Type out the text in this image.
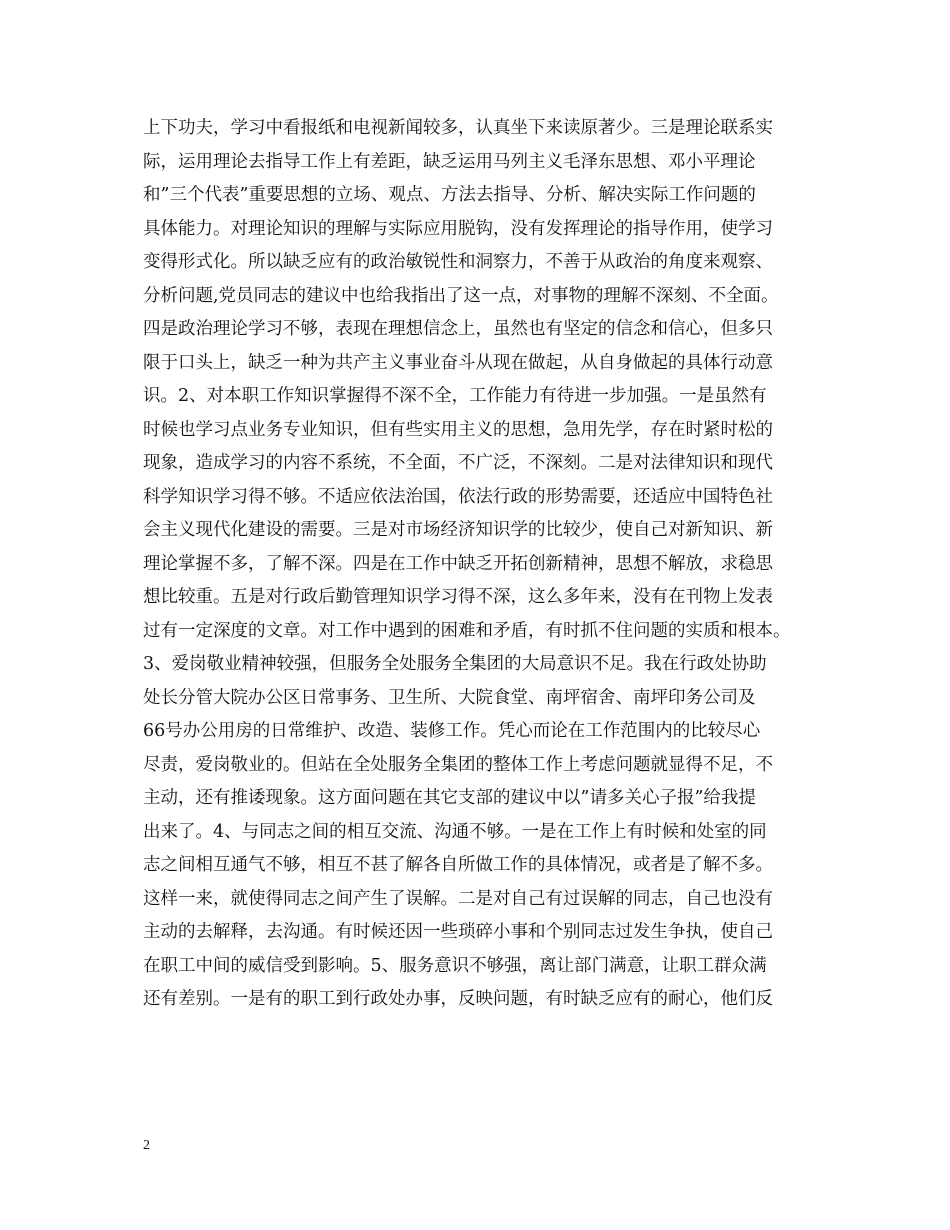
上下功夫，学习中看报纸和电视新闻较多，认真坐下来读原著少。三是理论联系实
际，运用理论去指导工作上有差距，缺乏运用马列主义毛泽东思想、邓小平理论
和”三个代表”重要思想的立场、观点、方法去指导、分析、解决实际工作问题的
具体能力。对理论知识的理解与实际应用脱钩，没有发挥理论的指导作用，使学习
变得形式化。所以缺乏应有的政治敏锐性和洞察力，不善于从政治的角度来观察、
分析问题,党员同志的建议中也给我指出了这一点，对事物的理解不深刻、不全面。
四是政治理论学习不够，表现在理想信念上，虽然也有坚定的信念和信心，但多只
限于口头上，缺乏一种为共产主义事业奋斗从现在做起，从自身做起的具体行动意
识。2、对本职工作知识掌握得不深不全，工作能力有待进一步加强。一是虽然有
时候也学习点业务专业知识，但有些实用主义的思想，急用先学，存在时紧时松的
现象，造成学习的内容不系统，不全面，不广泛，不深刻。二是对法律知识和现代
科学知识学习得不够。不适应依法治国，依法行政的形势需要，还适应中国特色社
会主义现代化建设的需要。三是对市场经济知识学的比较少，使自己对新知识、新
理论掌握不多，了解不深。四是在工作中缺乏开拓创新精神，思想不解放，求稳思
想比较重。五是对行政后勤管理知识学习得不深，这么多年来，没有在刊物上发表
过有一定深度的文章。对工作中遇到的困难和矛盾，有时抓不住问题的实质和根本。
3、爱岗敬业精神较强，但服务全处服务全集团的大局意识不足。我在行政处协助
处长分管大院办公区日常事务、卫生所、大院食堂、南坪宿舍、南坪印务公司及
66号办公用房的日常维护、改造、装修工作。凭心而论在工作范围内的比较尽心
尽责，爱岗敬业的。但站在全处服务全集团的整体工作上考虑问题就显得不足，不
主动，还有推诿现象。这方面问题在其它支部的建议中以”请多关心子报”给我提
出来了。4、与同志之间的相互交流、沟通不够。一是在工作上有时候和处室的同
志之间相互通气不够，相互不甚了解各自所做工作的具体情况，或者是了解不多。
这样一来，就使得同志之间产生了误解。二是对自己有过误解的同志，自己也没有
主动的去解释，去沟通。有时候还因一些琐碎小事和个别同志过发生争执，使自己
在职工中间的威信受到影响。5、服务意识不够强，离让部门满意，让职工群众满
还有差别。一是有的职工到行政处办事，反映问题，有时缺乏应有的耐心，他们反
2
